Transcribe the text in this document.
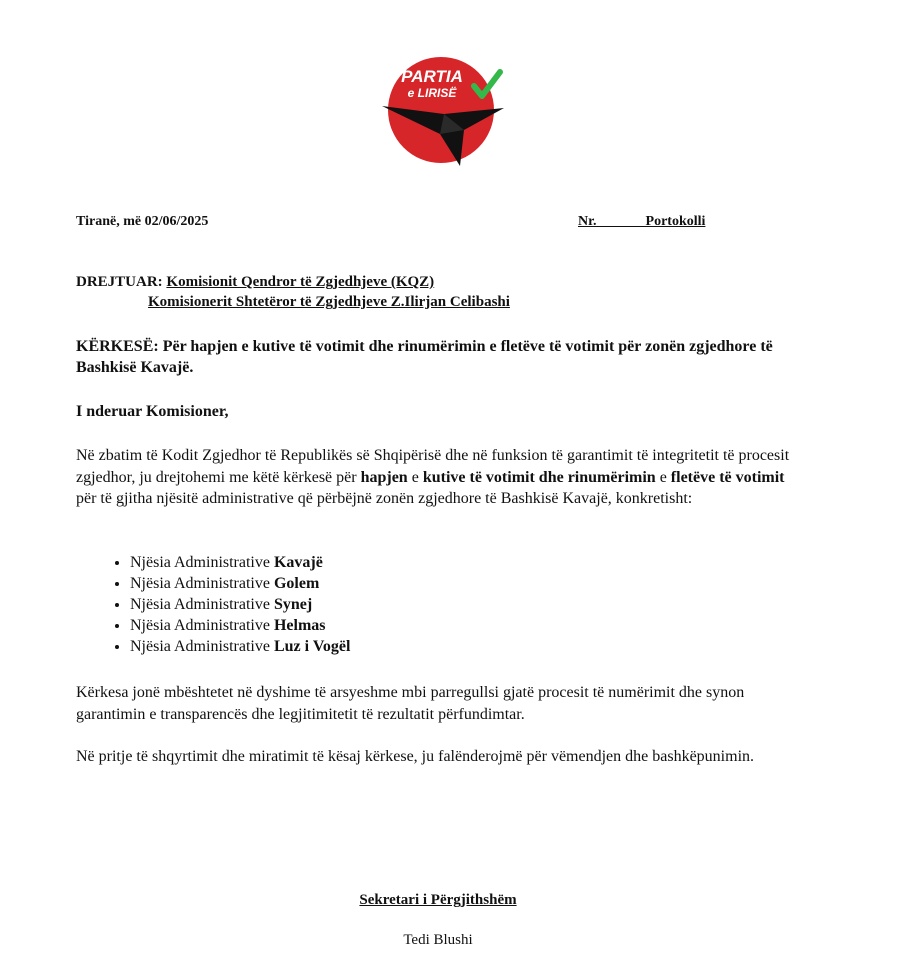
PARTIA
e LIRISË
Tiranë, më 02/06/2025	Nr._______Portokolli
DREJTUAR: Komisionit Qendror të Zgjedhjeve (KQZ)
Komisionerit Shtetëror të Zgjedhjeve Z.Ilirjan Celibashi
KËRKESË: Për hapjen e kutive të votimit dhe rinumërimin e fletëve të votimit për zonën zgjedhore të Bashkisë Kavajë.
I nderuar Komisioner,
Në zbatim të Kodit Zgjedhor të Republikës së Shqipërisë dhe në funksion të garantimit të integritetit të procesit zgjedhor, ju drejtohemi me këtë kërkesë për hapjen e kutive të votimit dhe rinumërimin e fletëve të votimit për të gjitha njësitë administrative që përbëjnë zonën zgjedhore të Bashkisë Kavajë, konkretisht:
• Njësia Administrative Kavajë
• Njësia Administrative Golem
• Njësia Administrative Synej
• Njësia Administrative Helmas
• Njësia Administrative Luz i Vogël
Kërkesa jonë mbështetet në dyshime të arsyeshme mbi parregullsi gjatë procesit të numërimit dhe synon garantimin e transparencës dhe legjitimitetit të rezultatit përfundimtar.
Në pritje të shqyrtimit dhe miratimit të kësaj kërkese, ju falënderojmë për vëmendjen dhe bashkëpunimin.
Sekretari i Përgjithshëm
Tedi Blushi
